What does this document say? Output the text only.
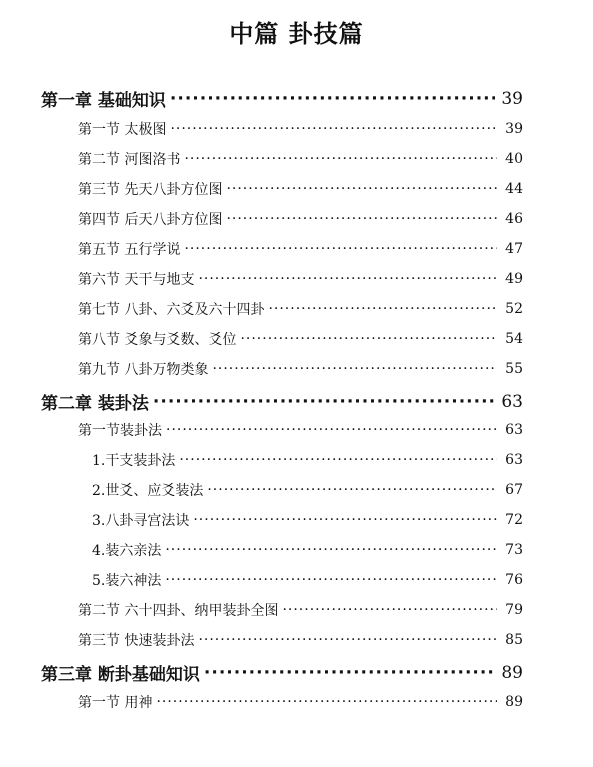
中篇 卦技篇
第一章 基础知识 ·····	39
第一节 太极图 ·····	39
第二节 河图洛书 ·····	40
第三节 先天八卦方位图 ·····	44
第四节 后天八卦方位图 ·····	46
第五节 五行学说 ·····	47
第六节 天干与地支 ·····	49
第七节 八卦、六爻及六十四卦 ·····	52
第八节 爻象与爻数、爻位 ·····	54
第九节 八卦万物类象 ·····	55
第二章 装卦法 ·····	63
第一节装卦法 ·····	63
1.干支装卦法 ·····	63
2.世爻、应爻装法 ·····	67
3.八卦寻宫法诀 ·····	72
4.装六亲法 ·····	73
5.装六神法 ·····	76
第二节 六十四卦、纳甲装卦全图 ·····	79
第三节 快速装卦法 ·····	85
第三章 断卦基础知识 ·····	89
第一节 用神 ·····	89
